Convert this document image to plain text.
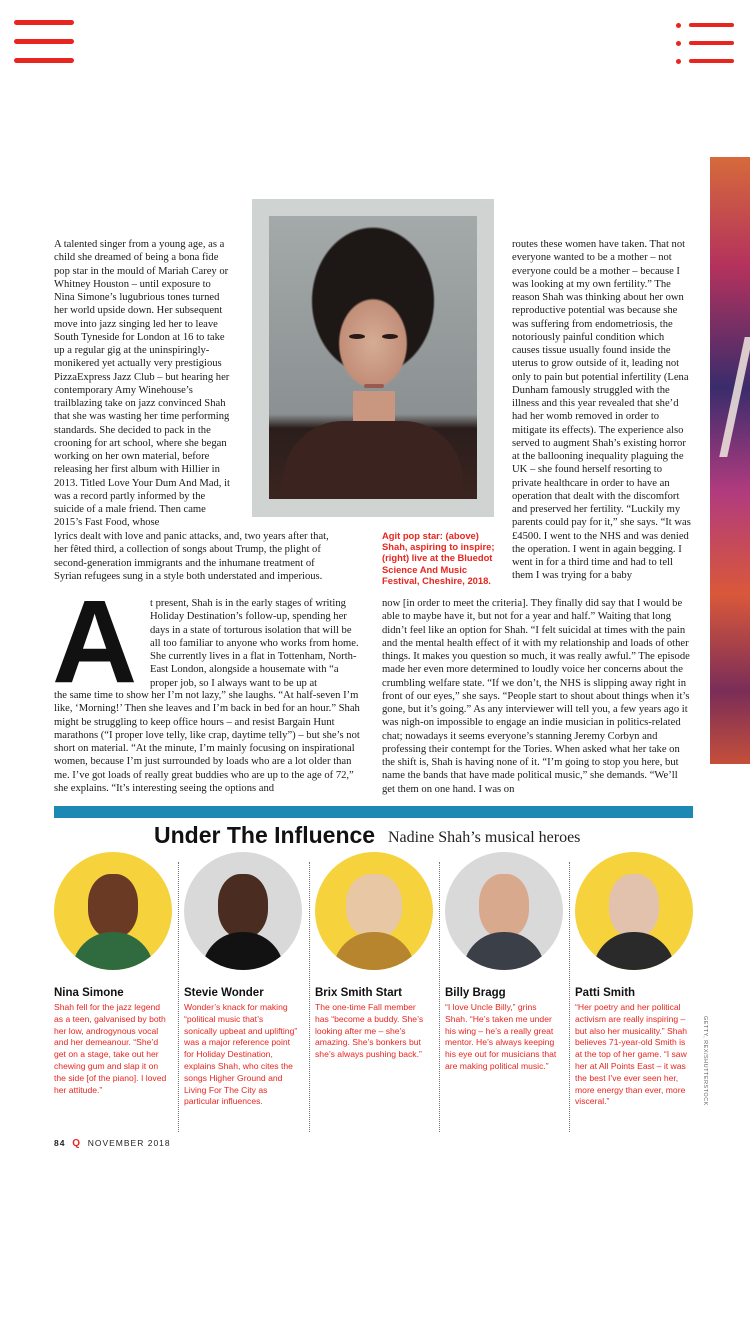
A talented singer from a young age, as a child she dreamed of being a bona fide pop star in the mould of Mariah Carey or Whitney Houston – until exposure to Nina Simone’s lugubrious tones turned her world upside down. Her subsequent move into jazz singing led her to leave South Tyneside for London at 16 to take up a regular gig at the uninspiringly-monikered yet actually very prestigious PizzaExpress Jazz Club – but hearing her contemporary Amy Winehouse’s trailblazing take on jazz convinced Shah that she was wasting her time performing standards. She decided to pack in the crooning for art school, where she began working on her own material, before releasing her first album with Hillier in 2013. Titled Love Your Dum And Mad, it was a record partly informed by the suicide of a male friend. Then came 2015’s Fast Food, whose
routes these women have taken. That not everyone wanted to be a mother – not everyone could be a mother – because I was looking at my own fertility.” The reason Shah was thinking about her own reproductive potential was because she was suffering from endometriosis, the notoriously painful condition which causes tissue usually found inside the uterus to grow outside of it, leading not only to pain but potential infertility (Lena Dunham famously struggled with the illness and this year revealed that she’d had her womb removed in order to mitigate its effects). The experience also served to augment Shah’s existing horror at the ballooning inequality plaguing the UK – she found herself resorting to private healthcare in order to have an operation that dealt with the discomfort and preserved her fertility. “Luckily my parents could pay for it,” she says. “It was £4500. I went to the NHS and was denied the operation. I went in again begging. I went in for a third time and had to tell them I was trying for a baby
lyrics dealt with love and panic attacks, and, two years after that, her fêted third, a collection of songs about Trump, the plight of second-generation immigrants and the inhumane treatment of Syrian refugees sung in a style both understated and imperious.
Agit pop star: (above) Shah, aspiring to inspire; (right) live at the Bluedot Science And Music Festival, Cheshire, 2018.
A	t present, Shah is in the early stages of writing Holiday Destination’s follow-up, spending her days in a state of torturous isolation that will be all too familiar to anyone who works from home. She currently lives in a flat in Tottenham, North-East London, alongside a housemate with “a proper job, so I always want to be up at
the same time to show her I’m not lazy,” she laughs. “At half-seven I’m like, ‘Morning!’ Then she leaves and I’m back in bed for an hour.” Shah might be struggling to keep office hours – and resist Bargain Hunt marathons (“I proper love telly, like crap, daytime telly”) – but she’s not short on material. “At the minute, I’m mainly focusing on inspirational women, because I’m just surrounded by loads who are a lot older than me. I’ve got loads of really great buddies who are up to the age of 72,” she explains. “It’s interesting seeing the options and
now [in order to meet the criteria]. They finally did say that I would be able to maybe have it, but not for a year and half.” Waiting that long didn’t feel like an option for Shah. “I felt suicidal at times with the pain and the mental health effect of it with my relationship and loads of other things. It makes you question so much, it was really awful.” The episode made her even more determined to loudly voice her concerns about the crumbling welfare state. “If we don’t, the NHS is slipping away right in front of our eyes,” she says. “People start to shout about things when it’s gone, but it’s going.” As any interviewer will tell you, a few years ago it was nigh-on impossible to engage an indie musician in politics-related chat; nowadays it seems everyone’s stanning Jeremy Corbyn and professing their contempt for the Tories. When asked what her take on the shift is, Shah is having none of it. “I’m going to stop you here, but name the bands that have made political music,” she demands. “We’ll get them on one hand. I was on
Under The Influence Nadine Shah’s musical heroes
Nina Simone
Shah fell for the jazz legend as a teen, galvanised by both her low, androgynous vocal and her demeanour. “She’d get on a stage, take out her chewing gum and slap it on the side [of the piano]. I loved her attitude.”
Stevie Wonder
Wonder’s knack for making “political music that’s sonically upbeat and uplifting” was a major reference point for Holiday Destination, explains Shah, who cites the songs Higher Ground and Living For The City as particular influences.
Brix Smith Start
The one-time Fall member has “become a buddy. She’s looking after me – she’s amazing. She’s bonkers but she’s always pushing back.”
Billy Bragg
“I love Uncle Billy,” grins Shah. “He’s taken me under his wing – he’s a really great mentor. He’s always keeping his eye out for musicians that are making political music.”
Patti Smith
“Her poetry and her political activism are really inspiring – but also her musicality.” Shah believes 71-year-old Smith is at the top of her game. “I saw her at All Points East – it was the best I’ve ever seen her, more energy than ever, more visceral.”	GETTY, REX/SHUTTERSTOCK
84 Q NOVEMBER 2018
